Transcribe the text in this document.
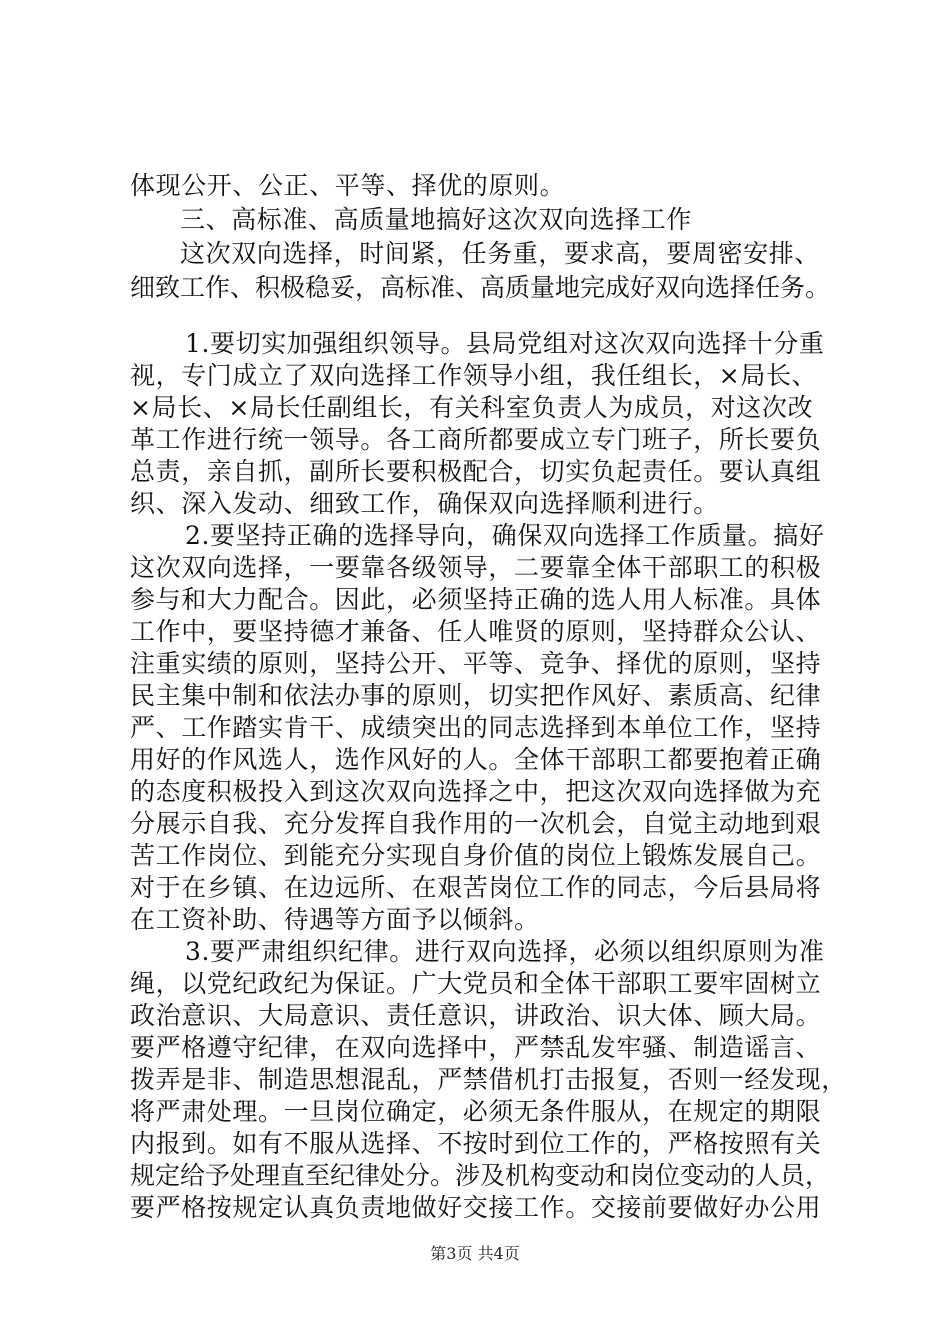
体现公开、公正、平等、择优的原则。
三、高标准、高质量地搞好这次双向选择工作
这次双向选择，时间紧，任务重，要求高，要周密安排、
细致工作、积极稳妥，高标准、高质量地完成好双向选择任务。
1.要切实加强组织领导。县局党组对这次双向选择十分重
视，专门成立了双向选择工作领导小组，我任组长，×局长、
×局长、×局长任副组长，有关科室负责人为成员，对这次改
革工作进行统一领导。各工商所都要成立专门班子，所长要负
总责，亲自抓，副所长要积极配合，切实负起责任。要认真组
织、深入发动、细致工作，确保双向选择顺利进行。
2.要坚持正确的选择导向，确保双向选择工作质量。搞好
这次双向选择，一要靠各级领导，二要靠全体干部职工的积极
参与和大力配合。因此，必须坚持正确的选人用人标准。具体
工作中，要坚持德才兼备、任人唯贤的原则，坚持群众公认、
注重实绩的原则，坚持公开、平等、竞争、择优的原则，坚持
民主集中制和依法办事的原则，切实把作风好、素质高、纪律
严、工作踏实肯干、成绩突出的同志选择到本单位工作，坚持
用好的作风选人，选作风好的人。全体干部职工都要抱着正确
的态度积极投入到这次双向选择之中，把这次双向选择做为充
分展示自我、充分发挥自我作用的一次机会，自觉主动地到艰
苦工作岗位、到能充分实现自身价值的岗位上锻炼发展自己。
对于在乡镇、在边远所、在艰苦岗位工作的同志，今后县局将
在工资补助、待遇等方面予以倾斜。
3.要严肃组织纪律。进行双向选择，必须以组织原则为准
绳，以党纪政纪为保证。广大党员和全体干部职工要牢固树立
政治意识、大局意识、责任意识，讲政治、识大体、顾大局。
要严格遵守纪律，在双向选择中，严禁乱发牢骚、制造谣言、
拨弄是非、制造思想混乱，严禁借机打击报复，否则一经发现，
将严肃处理。一旦岗位确定，必须无条件服从，在规定的期限
内报到。如有不服从选择、不按时到位工作的，严格按照有关
规定给予处理直至纪律处分。涉及机构变动和岗位变动的人员，
要严格按规定认真负责地做好交接工作。交接前要做好办公用
第3页 共4页
